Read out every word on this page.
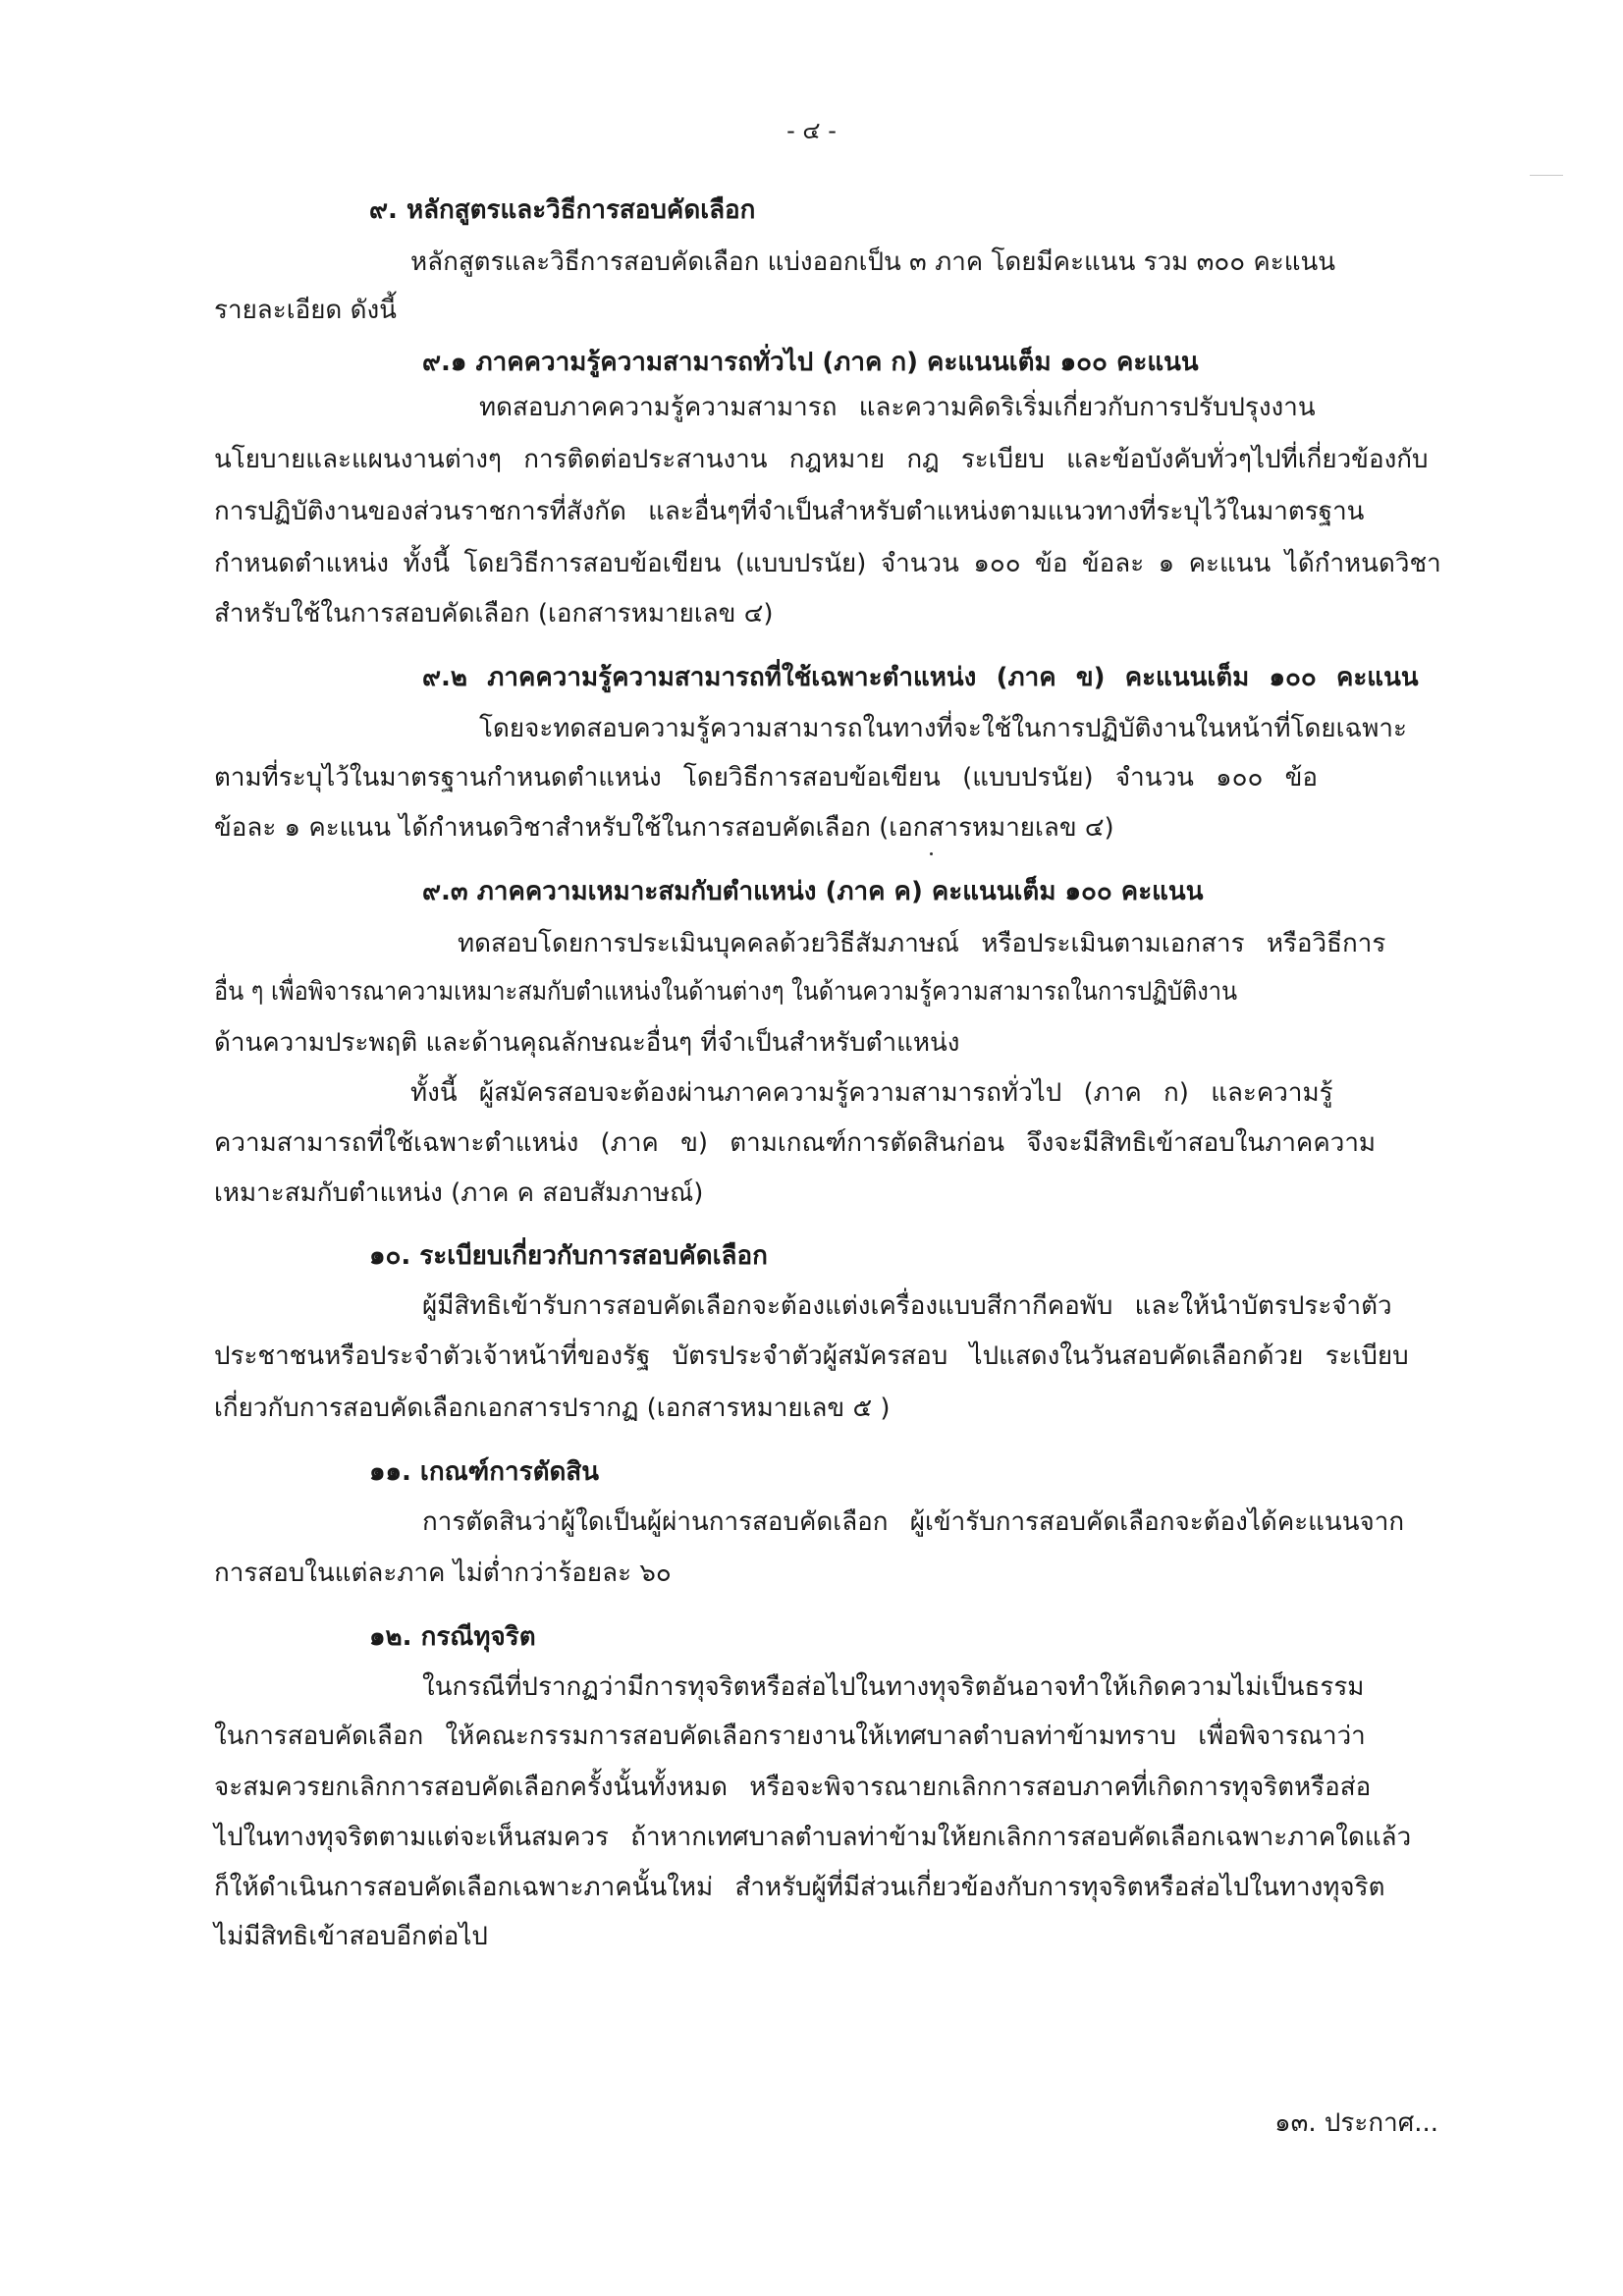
- ๔ -
๙. หลักสูตรและวิธีการสอบคัดเลือก
หลักสูตรและวิธีการสอบคัดเลือก แบ่งออกเป็น ๓ ภาค โดยมีคะแนน รวม ๓๐๐ คะแนน
รายละเอียด ดังนี้
๙.๑ ภาคความรู้ความสามารถทั่วไป (ภาค ก) คะแนนเต็ม ๑๐๐ คะแนน
ทดสอบภาคความรู้ความสามารถ และความคิดริเริ่มเกี่ยวกับการปรับปรุงงาน
นโยบายและแผนงานต่างๆ การติดต่อประสานงาน กฎหมาย กฎ ระเบียบ และข้อบังคับทั่วๆไปที่เกี่ยวข้องกับ
การปฏิบัติงานของส่วนราชการที่สังกัด และอื่นๆที่จำเป็นสำหรับตำแหน่งตามแนวทางที่ระบุไว้ในมาตรฐาน
กำหนดตำแหน่ง ทั้งนี้ โดยวิธีการสอบข้อเขียน (แบบปรนัย) จำนวน ๑๐๐ ข้อ ข้อละ ๑ คะแนน ได้กำหนดวิชา
สำหรับใช้ในการสอบคัดเลือก (เอกสารหมายเลข ๔)
๙.๒ ภาคความรู้ความสามารถที่ใช้เฉพาะตำแหน่ง (ภาค ข) คะแนนเต็ม ๑๐๐ คะแนน
โดยจะทดสอบความรู้ความสามารถในทางที่จะใช้ในการปฏิบัติงานในหน้าที่โดยเฉพาะ
ตามที่ระบุไว้ในมาตรฐานกำหนดตำแหน่ง โดยวิธีการสอบข้อเขียน (แบบปรนัย) จำนวน ๑๐๐ ข้อ
ข้อละ ๑ คะแนน ได้กำหนดวิชาสำหรับใช้ในการสอบคัดเลือก (เอกสารหมายเลข ๔)
๙.๓ ภาคความเหมาะสมกับตำแหน่ง (ภาค ค) คะแนนเต็ม ๑๐๐ คะแนน
ทดสอบโดยการประเมินบุคคลด้วยวิธีสัมภาษณ์ หรือประเมินตามเอกสาร หรือวิธีการ
อื่น ๆ เพื่อพิจารณาความเหมาะสมกับตำแหน่งในด้านต่างๆ ในด้านความรู้ความสามารถในการปฏิบัติงาน
ด้านความประพฤติ และด้านคุณลักษณะอื่นๆ ที่จำเป็นสำหรับตำแหน่ง
ทั้งนี้ ผู้สมัครสอบจะต้องผ่านภาคความรู้ความสามารถทั่วไป (ภาค ก) และความรู้
ความสามารถที่ใช้เฉพาะตำแหน่ง (ภาค ข) ตามเกณฑ์การตัดสินก่อน จึงจะมีสิทธิเข้าสอบในภาคความ
เหมาะสมกับตำแหน่ง (ภาค ค สอบสัมภาษณ์)
๑๐. ระเบียบเกี่ยวกับการสอบคัดเลือก
ผู้มีสิทธิเข้ารับการสอบคัดเลือกจะต้องแต่งเครื่องแบบสีกากีคอพับ และให้นำบัตรประจำตัว
ประชาชนหรือประจำตัวเจ้าหน้าที่ของรัฐ บัตรประจำตัวผู้สมัครสอบ ไปแสดงในวันสอบคัดเลือกด้วย ระเบียบ
เกี่ยวกับการสอบคัดเลือกเอกสารปรากฏ (เอกสารหมายเลข ๕ )
๑๑. เกณฑ์การตัดสิน
การตัดสินว่าผู้ใดเป็นผู้ผ่านการสอบคัดเลือก ผู้เข้ารับการสอบคัดเลือกจะต้องได้คะแนนจาก
การสอบในแต่ละภาค ไม่ต่ำกว่าร้อยละ ๖๐
๑๒. กรณีทุจริต
ในกรณีที่ปรากฏว่ามีการทุจริตหรือส่อไปในทางทุจริตอันอาจทำให้เกิดความไม่เป็นธรรม
ในการสอบคัดเลือก ให้คณะกรรมการสอบคัดเลือกรายงานให้เทศบาลตำบลท่าข้ามทราบ เพื่อพิจารณาว่า
จะสมควรยกเลิกการสอบคัดเลือกครั้งนั้นทั้งหมด หรือจะพิจารณายกเลิกการสอบภาคที่เกิดการทุจริตหรือส่อ
ไปในทางทุจริตตามแต่จะเห็นสมควร ถ้าหากเทศบาลตำบลท่าข้ามให้ยกเลิกการสอบคัดเลือกเฉพาะภาคใดแล้ว
ก็ให้ดำเนินการสอบคัดเลือกเฉพาะภาคนั้นใหม่ สำหรับผู้ที่มีส่วนเกี่ยวข้องกับการทุจริตหรือส่อไปในทางทุจริต
ไม่มีสิทธิเข้าสอบอีกต่อไป
๑๓. ประกาศ...
